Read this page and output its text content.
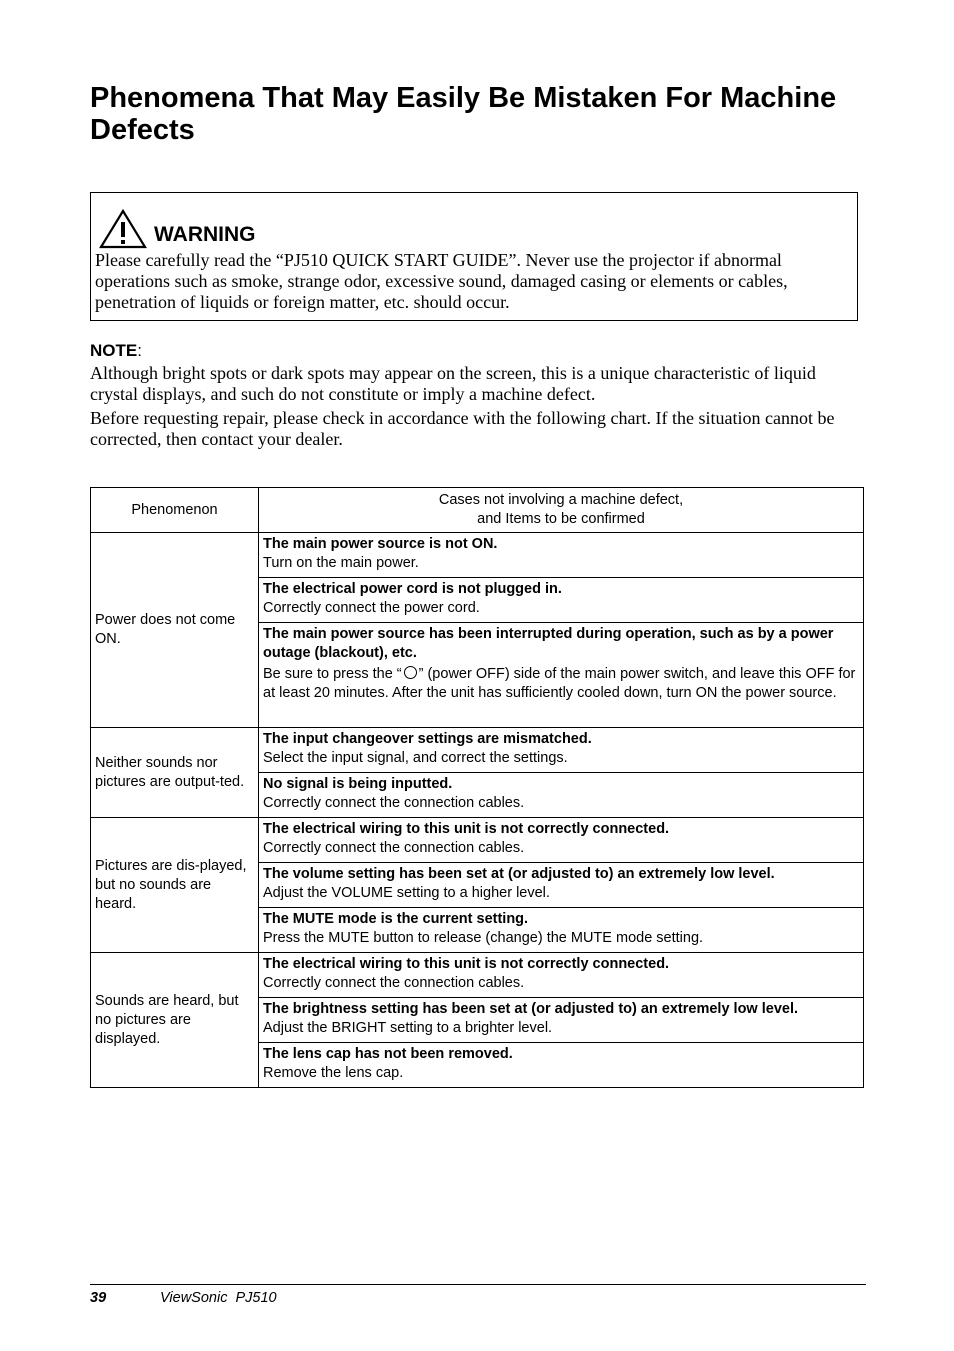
Phenomena That May Easily Be Mistaken For Machine Defects
WARNING
Please carefully read the “PJ510 QUICK START GUIDE”. Never use the projector if abnormal operations such as smoke, strange odor, excessive sound, damaged casing or elements or cables, penetration of liquids or foreign matter, etc. should occur.
NOTE:
Although bright spots or dark spots may appear on the screen, this is a unique characteristic of liquid crystal displays, and such do not constitute or imply a machine defect.
Before requesting repair, please check in accordance with the following chart. If the situation cannot be corrected, then contact your dealer.
Phenomenon	Cases not involving a machine defect,
and Items to be confirmed

Power does not come ON.	The main power source is not ON.
Turn on the main power.

	The electrical power cord is not plugged in.
Correctly connect the power cord.

	The main power source has been interrupted during operation, such as by a power outage (blackout), etc.
Be sure to press the “ ” (power OFF) side of the main power switch, and leave this OFF for at least 20 minutes. After the unit has sufficiently cooled down, turn ON the power source.

Neither sounds nor pictures are output-ted.	The input changeover settings are mismatched.
Select the input signal, and correct the settings.

	No signal is being inputted.
Correctly connect the connection cables.

Pictures are dis-played, but no sounds are heard.	The electrical wiring to this unit is not correctly connected.
Correctly connect the connection cables.

	The volume setting has been set at (or adjusted to) an extremely low level.
Adjust the VOLUME setting to a higher level.

	The MUTE mode is the current setting.
Press the MUTE button to release (change) the MUTE mode setting.

Sounds are heard, but no pictures are displayed.	The electrical wiring to this unit is not correctly connected.
Correctly connect the connection cables.

	The brightness setting has been set at (or adjusted to) an extremely low level.
Adjust the BRIGHT setting to a brighter level.

	The lens cap has not been removed.
Remove the lens cap.
39	ViewSonic  PJ510
